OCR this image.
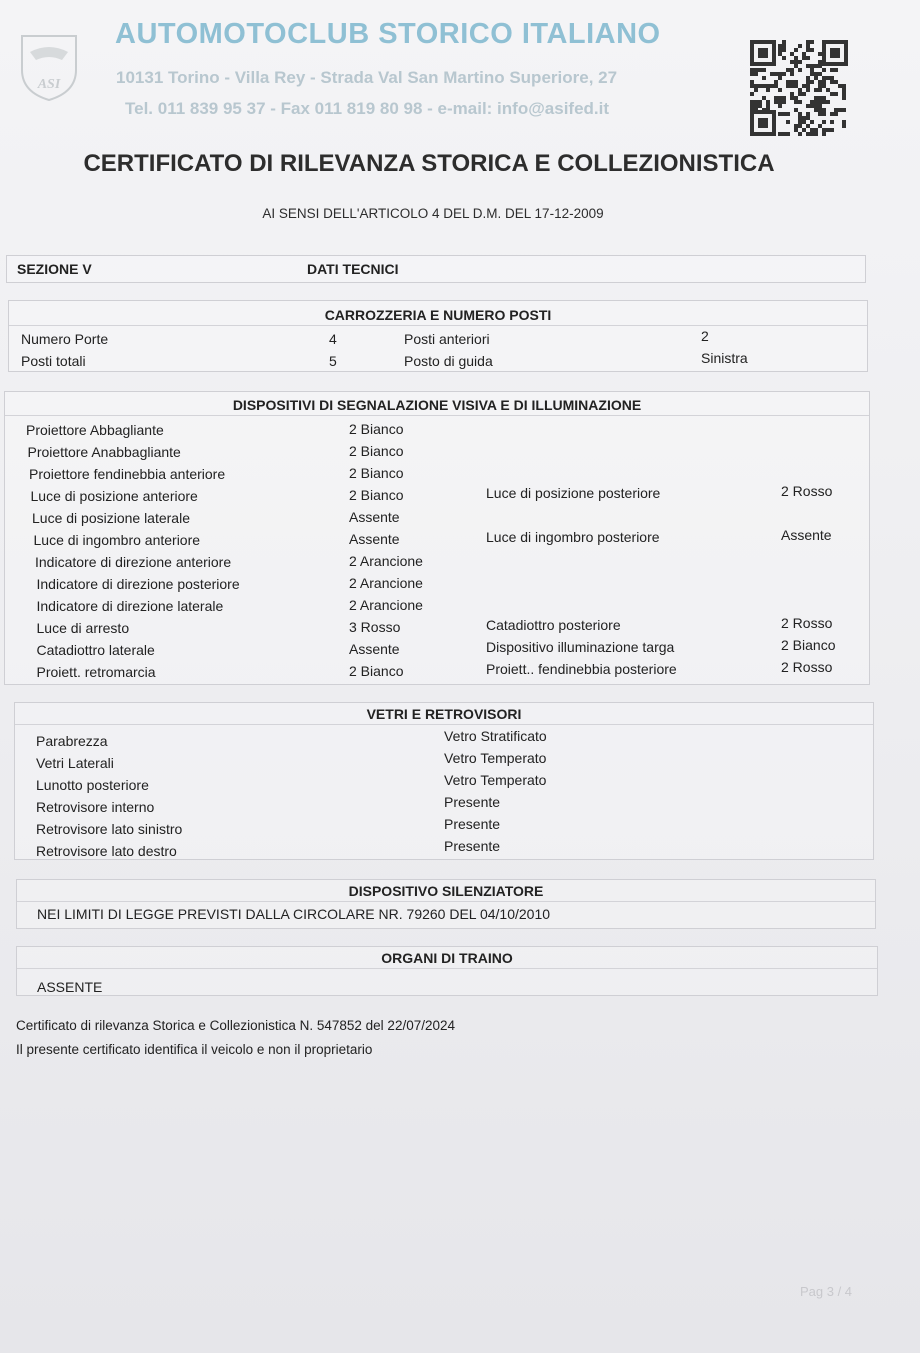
ASI
AUTOMOTOCLUB STORICO ITALIANO
10131 Torino - Villa Rey - Strada Val San Martino Superiore, 27
Tel. 011 839 95 37 - Fax 011 819 80 98 - e-mail: info@asifed.it
CERTIFICATO DI RILEVANZA STORICA E COLLEZIONISTICA
AI SENSI DELL'ARTICOLO 4 DEL D.M. DEL 17-12-2009
SEZIONE V	DATI TECNICI
CARROZZERIA E NUMERO POSTI
Numero Porte	4	Posti anteriori	2
Posti totali	5	Posto di guida	Sinistra
DISPOSITIVI DI SEGNALAZIONE VISIVA E DI ILLUMINAZIONE
Proiettore Abbagliante	2 Bianco
Proiettore Anabbagliante	2 Bianco
Proiettore fendinebbia anteriore	2 Bianco
Luce di posizione anteriore	2 Bianco	Luce di posizione posteriore	2 Rosso
Luce di posizione laterale	Assente
Luce di ingombro anteriore	Assente	Luce di ingombro posteriore	Assente
Indicatore di direzione anteriore	2 Arancione
Indicatore di direzione posteriore	2 Arancione
Indicatore di direzione laterale	2 Arancione
Luce di arresto	3 Rosso	Catadiottro posteriore	2 Rosso
Catadiottro laterale	Assente	Dispositivo illuminazione targa	2 Bianco
Proiett. retromarcia	2 Bianco	Proiett.. fendinebbia posteriore	2 Rosso
VETRI E RETROVISORI
Parabrezza	Vetro Stratificato
Vetri Laterali	Vetro Temperato
Lunotto posteriore	Vetro Temperato
Retrovisore interno	Presente
Retrovisore lato sinistro	Presente
Retrovisore lato destro	Presente
DISPOSITIVO SILENZIATORE
NEI LIMITI DI LEGGE PREVISTI DALLA CIRCOLARE NR. 79260 DEL 04/10/2010
ORGANI DI TRAINO
ASSENTE
Certificato di rilevanza Storica e Collezionistica N. 547852 del 22/07/2024
Il presente certificato identifica il veicolo e non il proprietario
Pag 3 / 4
